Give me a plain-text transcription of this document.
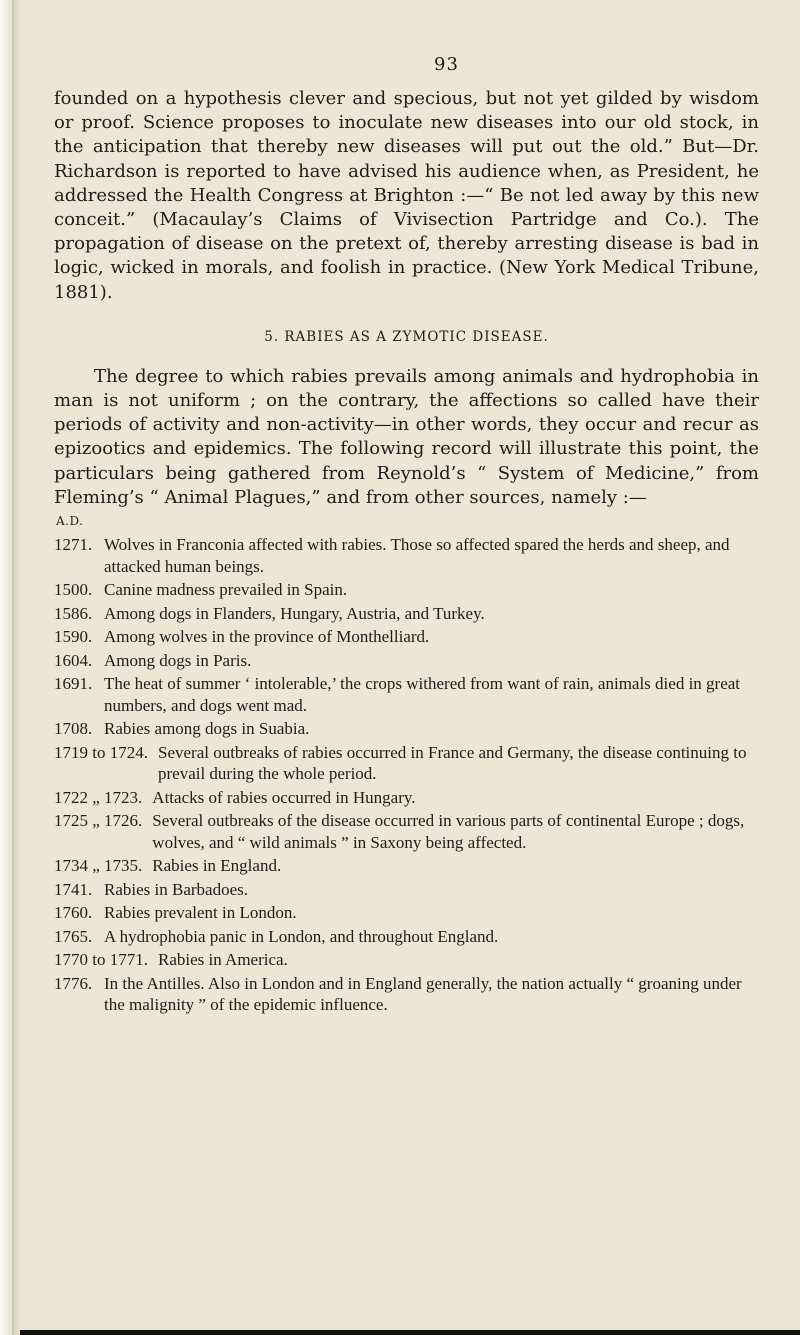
93

founded on a hypothesis clever and specious, but not yet gilded by wisdom or proof. Science proposes to inoculate new diseases into our old stock, in the anticipation that thereby new diseases will put out the old.” But—Dr. Richardson is reported to have advised his audience when, as President, he addressed the Health Congress at Brighton :—“ Be not led away by this new conceit.” (Macaulay’s Claims of Vivisection Partridge and Co.). The propagation of disease on the pretext of, thereby arresting disease is bad in logic, wicked in morals, and foolish in practice. (New York Medical Tribune, 1881).

5. RABIES AS A ZYMOTIC DISEASE.

The degree to which rabies prevails among animals and hydrophobia in man is not uniform ; on the contrary, the affections so called have their periods of activity and non-activity—in other words, they occur and recur as epizootics and epidemics. The following record will illustrate this point, the particulars being gathered from Reynold’s “ System of Medicine,” from Fleming’s “ Animal Plagues,” and from other sources, namely :—

A.D.
1271. Wolves in Franconia affected with rabies. Those so affected spared the herds and sheep, and attacked human beings.
1500. Canine madness prevailed in Spain.
1586. Among dogs in Flanders, Hungary, Austria, and Turkey.
1590. Among wolves in the province of Monthelliard.
1604. Among dogs in Paris.
1691. The heat of summer ‘ intolerable,’ the crops withered from want of rain, animals died in great numbers, and dogs went mad.
1708. Rabies among dogs in Suabia.
1719 to 1724. Several outbreaks of rabies occurred in France and Germany, the disease continuing to prevail during the whole period.
1722 „ 1723. Attacks of rabies occurred in Hungary.
1725 „ 1726. Several outbreaks of the disease occurred in various parts of continental Europe ; dogs, wolves, and “ wild animals ” in Saxony being affected.
1734 „ 1735. Rabies in England.
1741. Rabies in Barbadoes.
1760. Rabies prevalent in London.
1765. A hydrophobia panic in London, and throughout England.
1770 to 1771. Rabies in America.
1776. In the Antilles. Also in London and in England generally, the nation actually “ groaning under the malignity ” of the epidemic influence.
